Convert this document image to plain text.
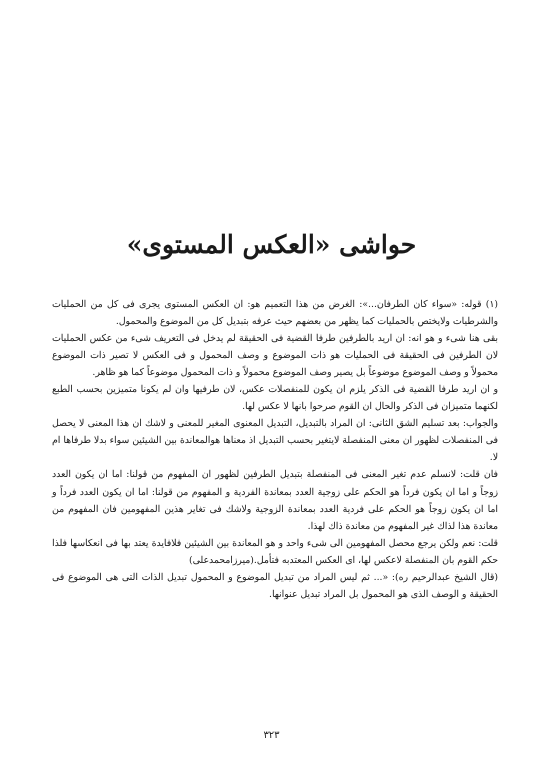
حواشى «العكس المستوى»

(١) قوله: «سواء كان الطرفان...»: الغرض من هذا التعميم هو: ان العكس المستوى يجرى فى كل من الحمليات والشرطيات ولايختص بالحمليات كما يظهر من بعضهم حيث عرفه بتبديل كل من الموضوع والمحمول.

بقى هنا شىء و هو انه: ان اريد بالطرفين طرفا القضية فى الحقيقة لم يدخل فى التعريف شىء من عكس الحمليات لان الطرفين فى الحقيقة فى الحمليات هو ذات الموضوع و وصف المحمول و فى العكس لا تصير ذات الموضوع محمولاً و وصف الموضوع موضوعاً بل يصير وصف الموضوع محمولاً و ذات المحمول موضوعاً كما هو ظاهر.

و ان اريد طرفا القضية فى الذكر يلزم ان يكون للمنفصلات عكس، لان طرفيها وان لم يكونا متميزين بحسب الطبع لكنهما متميزان فى الذكر والحال ان القوم صرحوا بانها لا عكس لها.

والجواب: بعد تسليم الشق الثانى: ان المراد بالتبديل، التبديل المعنوى المغير للمعنى و لاشك ان هذا المعنى لا يحصل فى المنفصلات لظهور ان معنى المنفصلة لايتغير بحسب التبديل اذ معناها هوالمعاندة بين الشيئين سواء بدلا طرفاها ام لا.

فان قلت: لانسلم عدم تغير المعنى فى المنفصلة بتبديل الطرفين لظهور ان المفهوم من قولنا: اما ان يكون العدد زوجاً و اما ان يكون فرداً هو الحكم على زوجية العدد بمعاندة الفردية و المفهوم من قولنا: اما ان يكون العدد فرداً و اما ان يكون زوجاً هو الحكم على فردية العدد بمعاندة الزوجية ولاشك فى تغاير هذين المفهومين فان المفهوم من معاندة هذا لذاك غير المفهوم من معاندة ذاك لهذا.

قلت: نعم ولكن يرجع محصل المفهومين الى شىء واحد و هو المعاندة بين الشيئين فلافايدة يعتد بها فى انعكاسها فلذا حكم القوم بان المنفصلة لاعكس لها، اى العكس المعتدبه فتأمل.(ميرزامحمدعلى)

(قال الشيخ عبدالرحيم ره): «... ثم ليس المراد من تبديل الموضوع و المحمول تبديل الذات التى هى الموضوع فى الحقيقة و الوصف الذى هو المحمول بل المراد تبديل عنوانها.

٣٢٣
